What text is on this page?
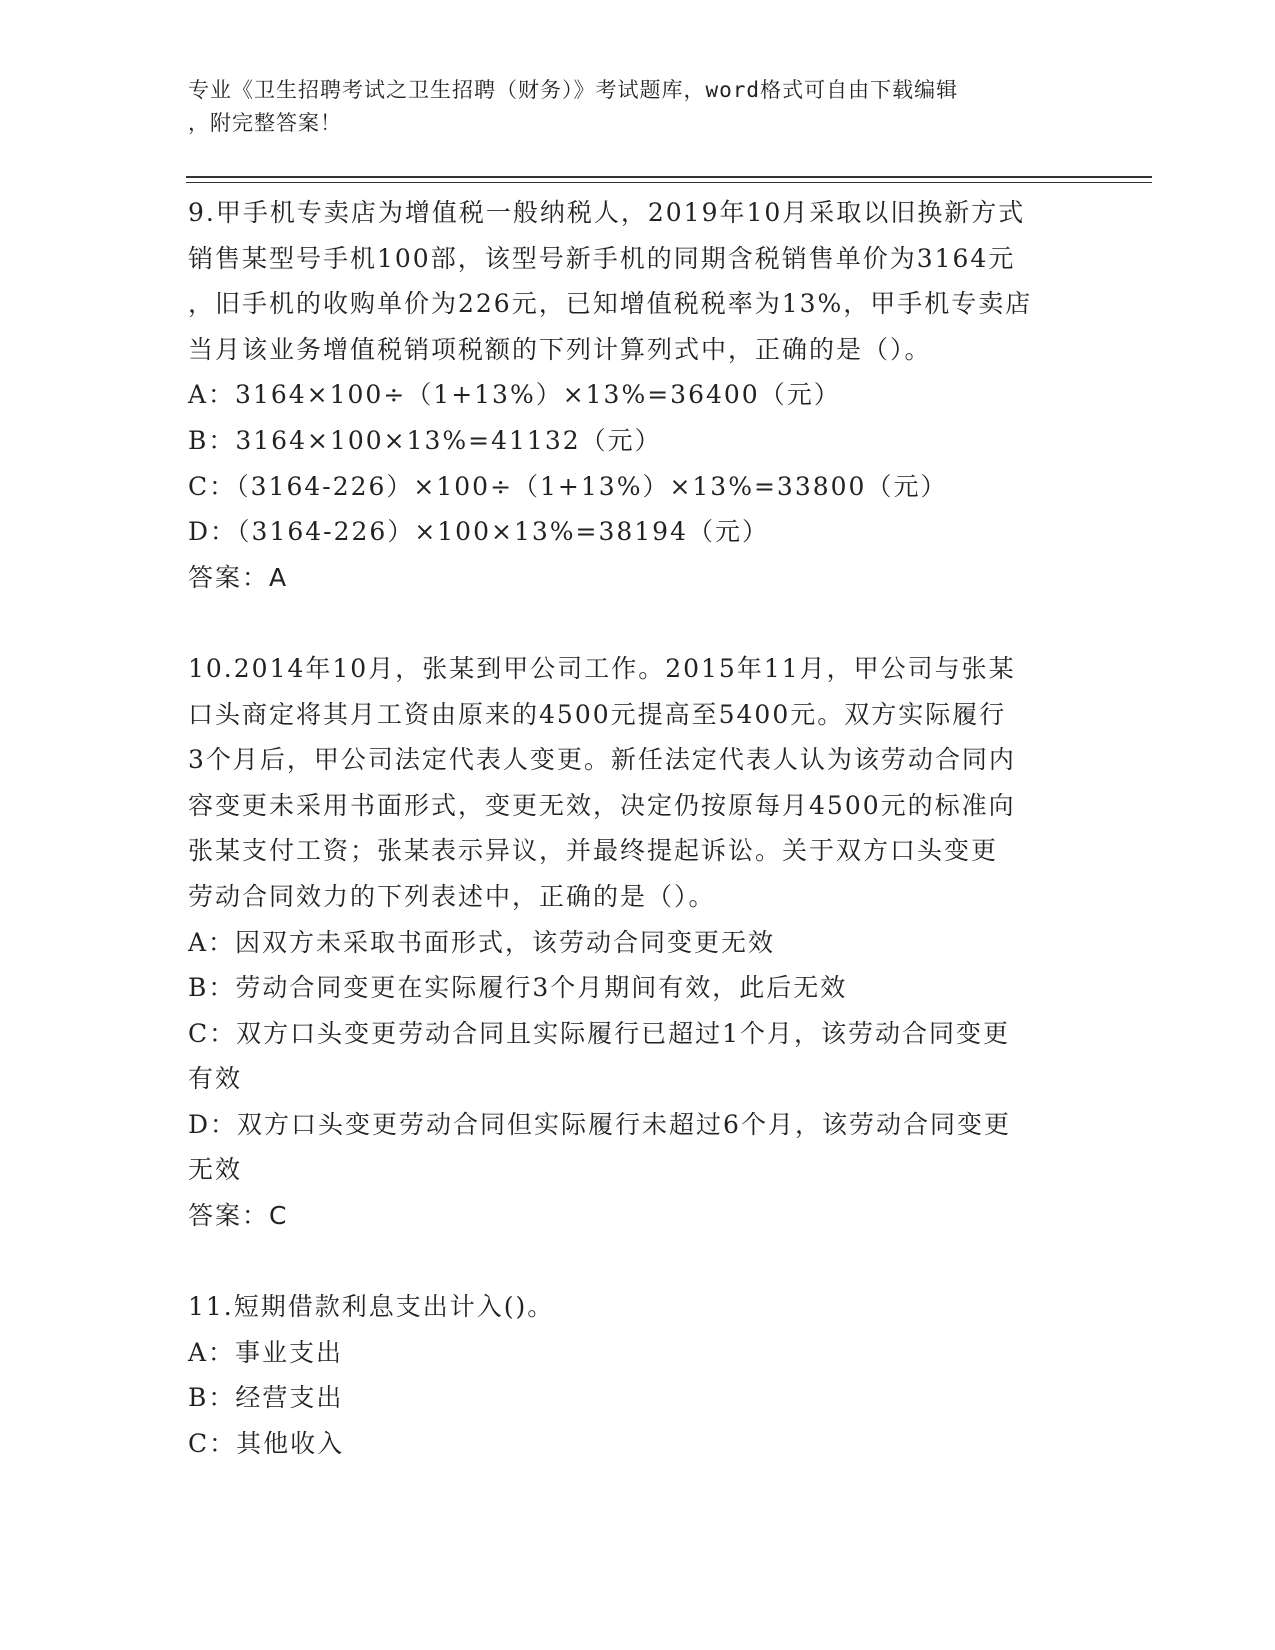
专业《卫生招聘考试之卫生招聘（财务）》考试题库，word格式可自由下载编辑
，附完整答案！
9.甲手机专卖店为增值税一般纳税人，2019年10月采取以旧换新方式
销售某型号手机100部，该型号新手机的同期含税销售单价为3164元
，旧手机的收购单价为226元，已知增值税税率为13%，甲手机专卖店
当月该业务增值税销项税额的下列计算列式中，正确的是（）。
A：3164×100÷（1+13%）×13%=36400（元）
B：3164×100×13%=41132（元）
C：（3164-226）×100÷（1+13%）×13%=33800（元）
D：（3164-226）×100×13%=38194（元）
答案：A
10.2014年10月，张某到甲公司工作。2015年11月，甲公司与张某
口头商定将其月工资由原来的4500元提高至5400元。双方实际履行
3个月后，甲公司法定代表人变更。新任法定代表人认为该劳动合同内
容变更未采用书面形式，变更无效，决定仍按原每月4500元的标准向
张某支付工资；张某表示异议，并最终提起诉讼。关于双方口头变更
劳动合同效力的下列表述中，正确的是（）。
A：因双方未采取书面形式，该劳动合同变更无效
B：劳动合同变更在实际履行3个月期间有效，此后无效
C：双方口头变更劳动合同且实际履行已超过1个月，该劳动合同变更
有效
D：双方口头变更劳动合同但实际履行未超过6个月，该劳动合同变更
无效
答案：C
11.短期借款利息支出计入()。
A：事业支出
B：经营支出
C：其他收入
